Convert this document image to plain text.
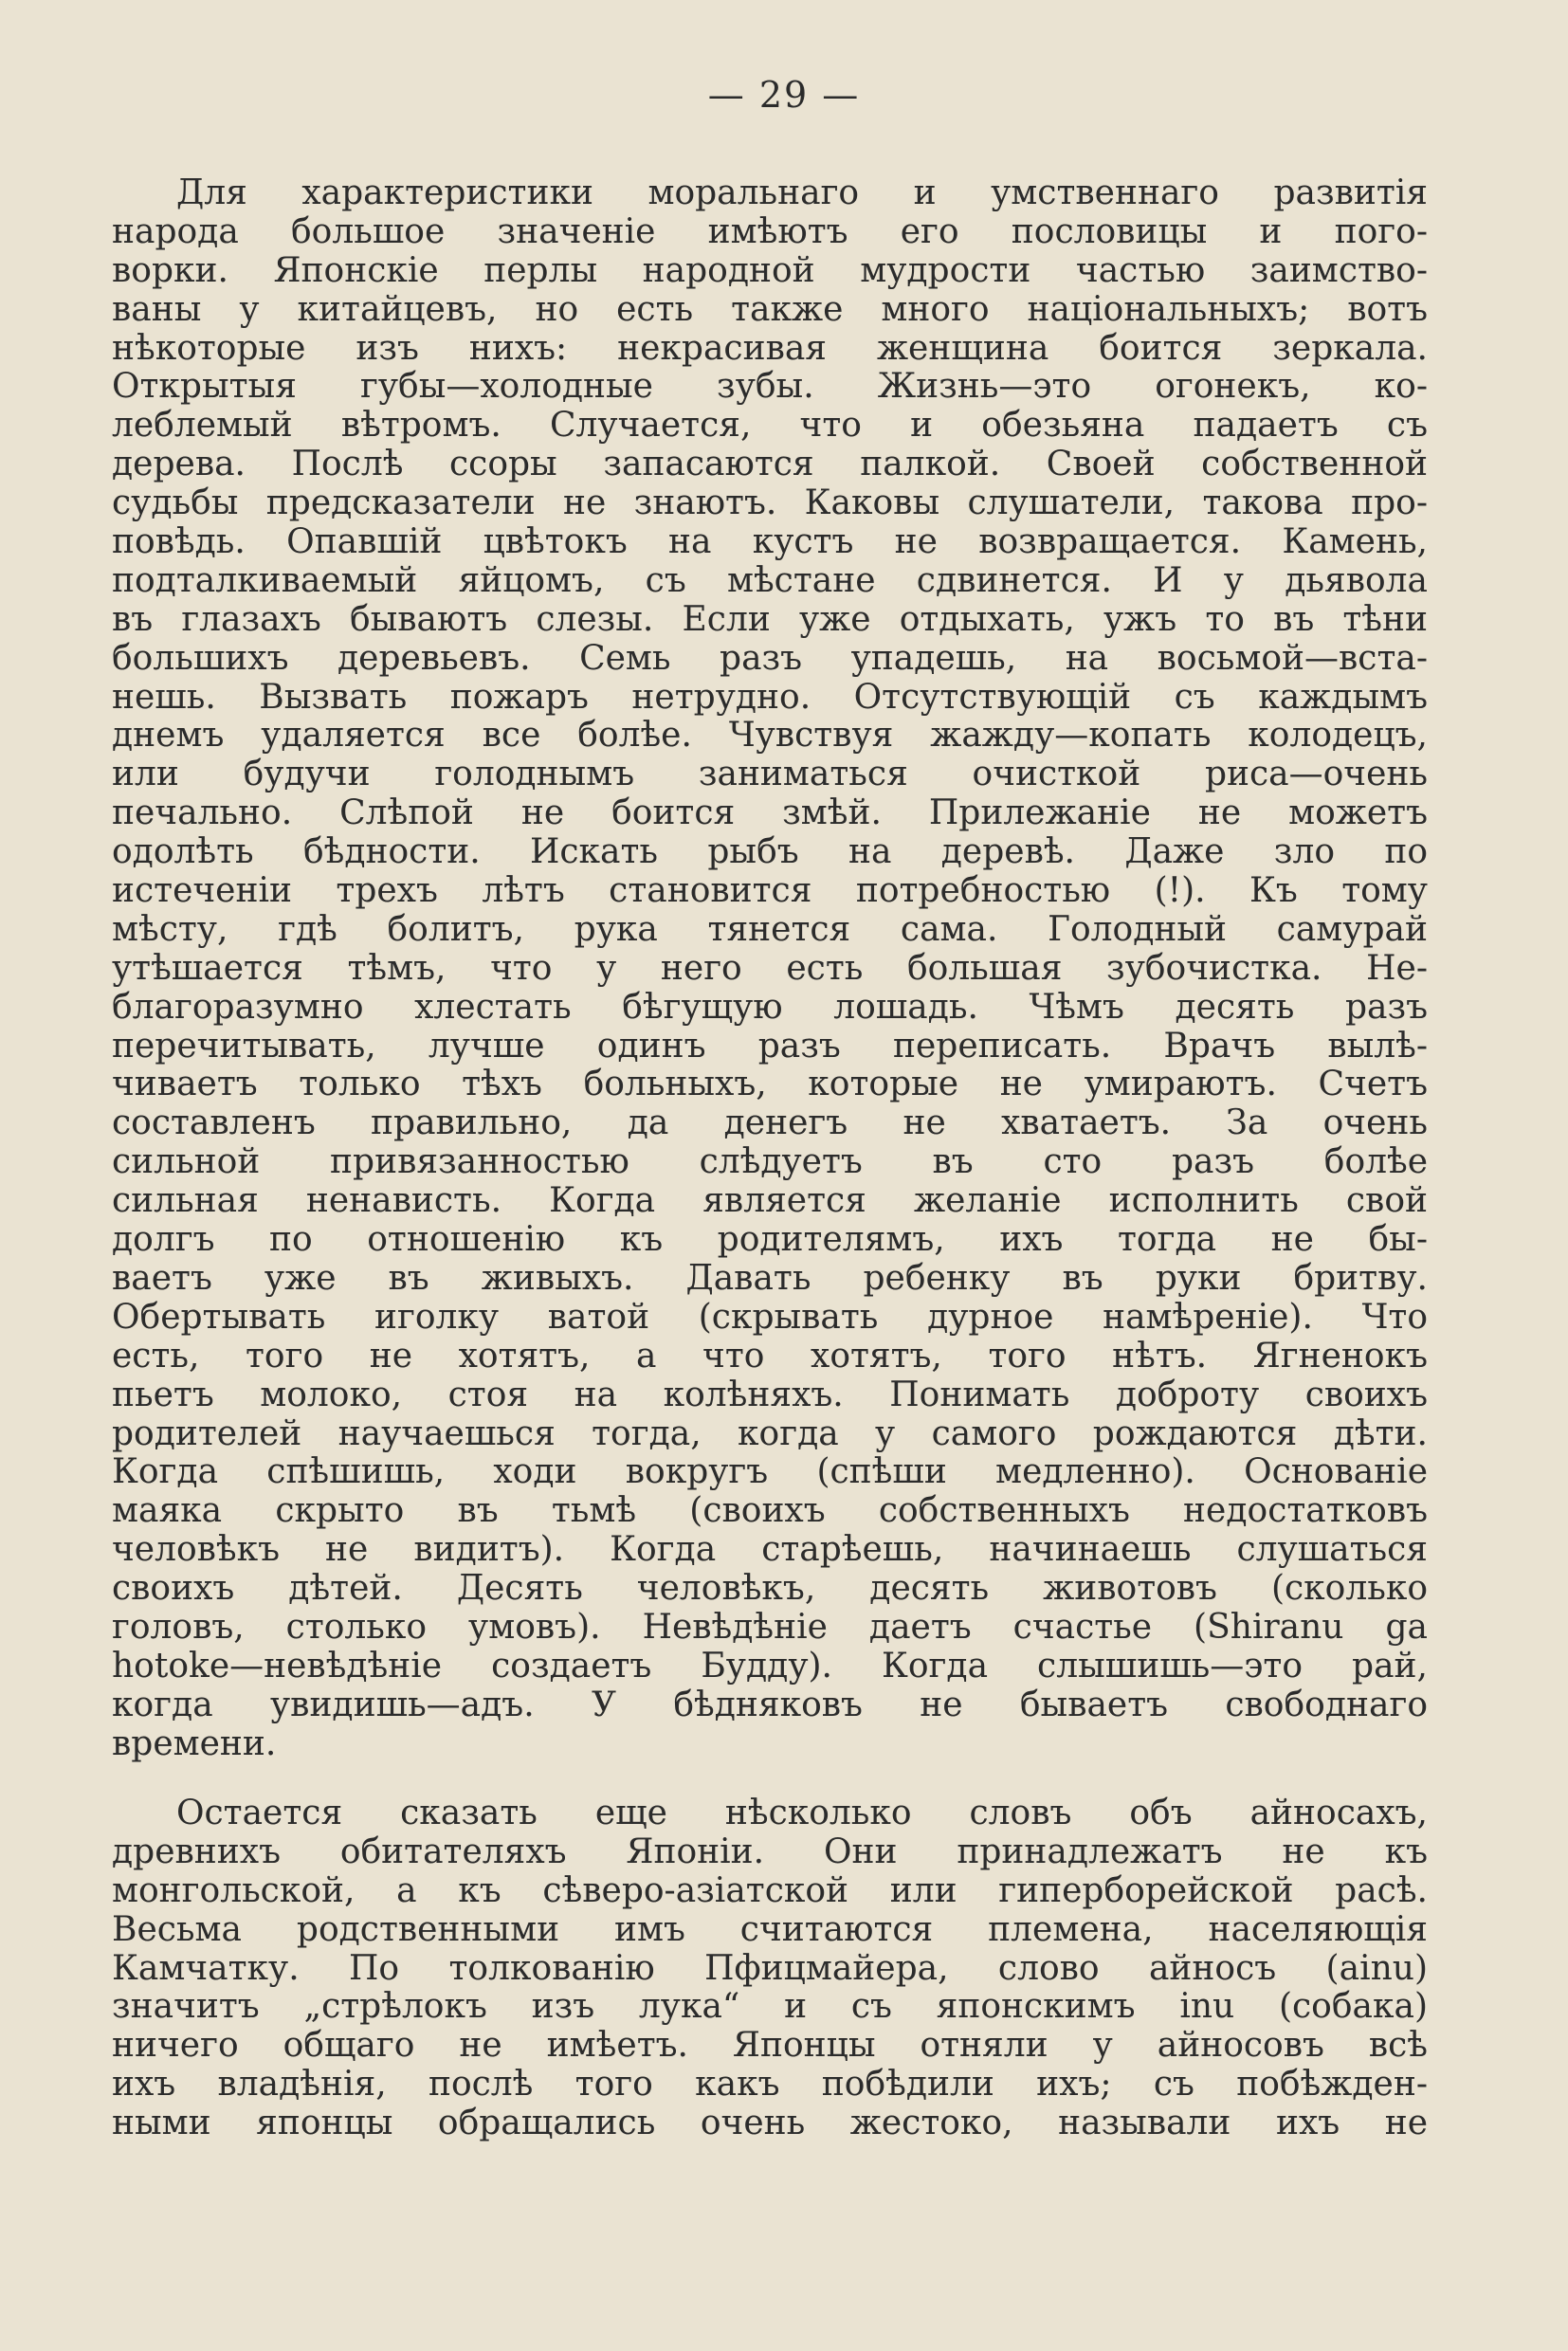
— 29 —
Для характеристики моральнаго и умственнаго развитія
народа большое значеніе имѣютъ его пословицы и пого-
ворки. Японскіе перлы народной мудрости частью заимство-
ваны у китайцевъ, но есть также много національныхъ; вотъ
нѣкоторые изъ нихъ: некрасивая женщина боится зеркала.
Открытыя губы—холодные зубы. Жизнь—это огонекъ, ко-
леблемый вѣтромъ. Случается, что и обезьяна падаетъ съ
дерева. Послѣ ссоры запасаются палкой. Своей собственной
судьбы предсказатели не знаютъ. Каковы слушатели, такова про-
повѣдь. Опавшій цвѣтокъ на кустъ не возвращается. Камень,
подталкиваемый яйцомъ, съ мѣстане сдвинется. И у дьявола
въ глазахъ бываютъ слезы. Если уже отдыхать, ужъ то въ тѣни
большихъ деревьевъ. Семь разъ упадешь, на восьмой—вста-
нешь. Вызвать пожаръ нетрудно. Отсутствующій съ каждымъ
днемъ удаляется все болѣе. Чувствуя жажду—копать колодецъ,
или будучи голоднымъ заниматься очисткой риса—очень
печально. Слѣпой не боится змѣй. Прилежаніе не можетъ
одолѣть бѣдности. Искать рыбъ на деревѣ. Даже зло по
истеченіи трехъ лѣтъ становится потребностью (!). Къ тому
мѣсту, гдѣ болитъ, рука тянется сама. Голодный самурай
утѣшается тѣмъ, что у него есть большая зубочистка. Не-
благоразумно хлестать бѣгущую лошадь. Чѣмъ десять разъ
перечитывать, лучше одинъ разъ переписать. Врачъ вылѣ-
чиваетъ только тѣхъ больныхъ, которые не умираютъ. Счетъ
составленъ правильно, да денегъ не хватаетъ. За очень
сильной привязанностью слѣдуетъ въ сто разъ болѣе
сильная ненависть. Когда является желаніе исполнить свой
долгъ по отношенію къ родителямъ, ихъ тогда не бы-
ваетъ уже въ живыхъ. Давать ребенку въ руки бритву.
Обертывать иголку ватой (скрывать дурное намѣреніе). Что
есть, того не хотятъ, а что хотятъ, того нѣтъ. Ягненокъ
пьетъ молоко, стоя на колѣняхъ. Понимать доброту своихъ
родителей научаешься тогда, когда у самого рождаются дѣти.
Когда спѣшишь, ходи вокругъ (спѣши медленно). Основаніе
маяка скрыто въ тьмѣ (своихъ собственныхъ недостатковъ
человѣкъ не видитъ). Когда старѣешь, начинаешь слушаться
своихъ дѣтей. Десять человѣкъ, десять животовъ (сколько
головъ, столько умовъ). Невѣдѣніе даетъ счастье (Shiranu ga
hotoke—невѣдѣніе создаетъ Будду). Когда слышишь—это рай,
когда увидишь—адъ. У бѣдняковъ не бываетъ свободнаго
времени.
Остается сказать еще нѣсколько словъ объ айносахъ,
древнихъ обитателяхъ Японіи. Они принадлежатъ не къ
монгольской, а къ сѣверо-азіатской или гиперборейской расѣ.
Весьма родственными имъ считаются племена, населяющія
Камчатку. По толкованію Пфицмайера, слово айносъ (ainu)
значитъ „стрѣлокъ изъ лука“ и съ японскимъ inu (собака)
ничего общаго не имѣетъ. Японцы отняли у айносовъ всѣ
ихъ владѣнія, послѣ того какъ побѣдили ихъ; съ побѣжден-
ными японцы обращались очень жестоко, называли ихъ не
